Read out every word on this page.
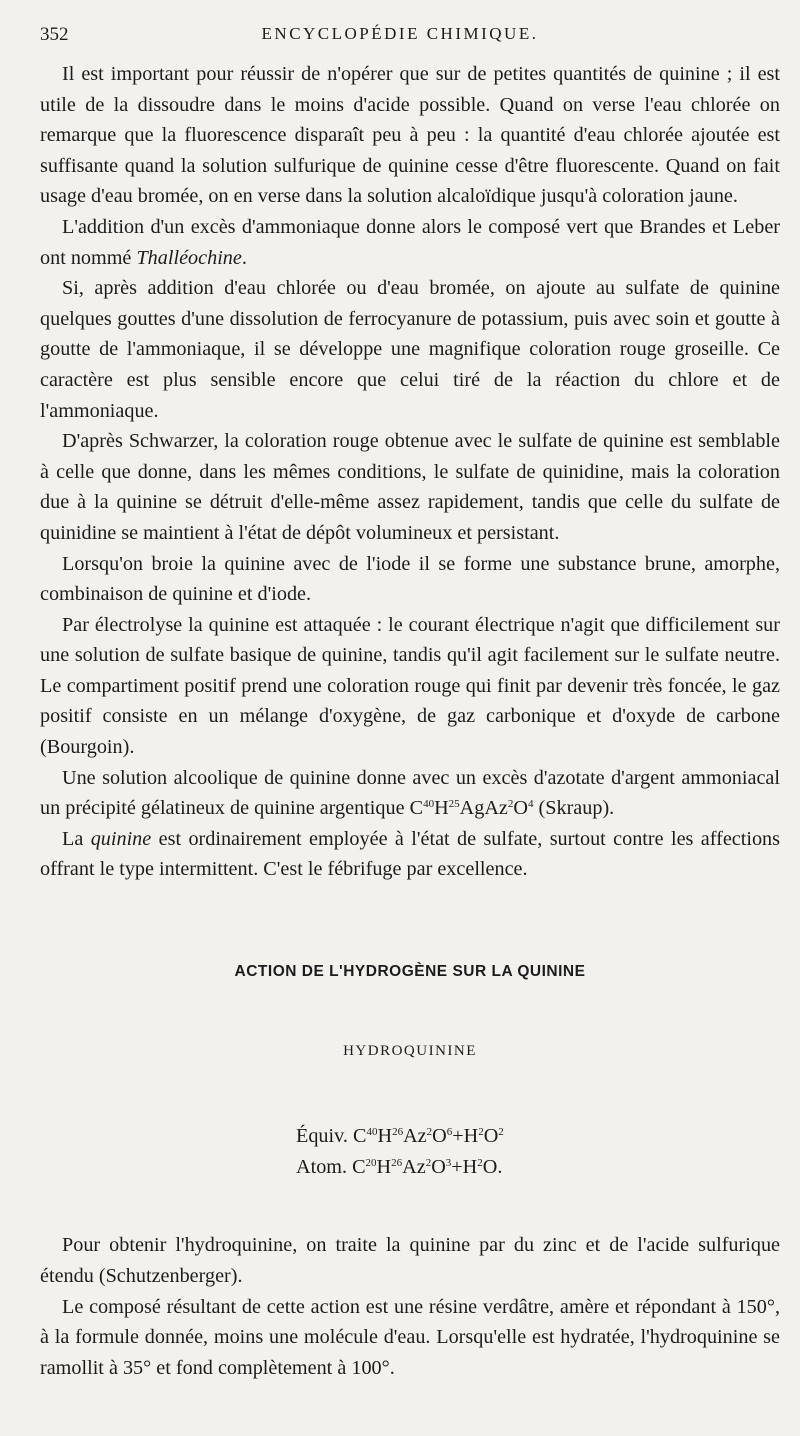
352	ENCYCLOPÉDIE CHIMIQUE.

Il est important pour réussir de n'opérer que sur de petites quantités de quinine ; il est utile de la dissoudre dans le moins d'acide possible. Quand on verse l'eau chlorée on remarque que la fluorescence disparaît peu à peu : la quantité d'eau chlorée ajoutée est suffisante quand la solution sulfurique de quinine cesse d'être fluorescente. Quand on fait usage d'eau bromée, on en verse dans la solution alcaloïdique jusqu'à coloration jaune.

L'addition d'un excès d'ammoniaque donne alors le composé vert que Brandes et Leber ont nommé Thalléochine.

Si, après addition d'eau chlorée ou d'eau bromée, on ajoute au sulfate de quinine quelques gouttes d'une dissolution de ferrocyanure de potassium, puis avec soin et goutte à goutte de l'ammoniaque, il se développe une magnifique coloration rouge groseille. Ce caractère est plus sensible encore que celui tiré de la réaction du chlore et de l'ammoniaque.

D'après Schwarzer, la coloration rouge obtenue avec le sulfate de quinine est semblable à celle que donne, dans les mêmes conditions, le sulfate de quinidine, mais la coloration due à la quinine se détruit d'elle-même assez rapidement, tandis que celle du sulfate de quinidine se maintient à l'état de dépôt volumineux et persistant.

Lorsqu'on broie la quinine avec de l'iode il se forme une substance brune, amorphe, combinaison de quinine et d'iode.

Par électrolyse la quinine est attaquée : le courant électrique n'agit que difficilement sur une solution de sulfate basique de quinine, tandis qu'il agit facilement sur le sulfate neutre. Le compartiment positif prend une coloration rouge qui finit par devenir très foncée, le gaz positif consiste en un mélange d'oxygène, de gaz carbonique et d'oxyde de carbone (Bourgoin).

Une solution alcoolique de quinine donne avec un excès d'azotate d'argent ammoniacal un précipité gélatineux de quinine argentique $C^{40}H^{25}AgAz^2O^4$ (Skraup).

La quinine est ordinairement employée à l'état de sulfate, surtout contre les affections offrant le type intermittent. C'est le fébrifuge par excellence.

ACTION DE L'HYDROGÈNE SUR LA QUININE
HYDROQUININE
Équiv. $C^{40}H^{26}Az^2O^6+H^2O^2$
Atom. $C^{20}H^{26}Az^2O^3+H^2O$.

Pour obtenir l'hydroquinine, on traite la quinine par du zinc et de l'acide sulfurique étendu (Schutzenberger).

Le composé résultant de cette action est une résine verdâtre, amère et répondant à 150°, à la formule donnée, moins une molécule d'eau. Lorsqu'elle est hydratée, l'hydroquinine se ramollit à 35° et fond complètement à 100°.
